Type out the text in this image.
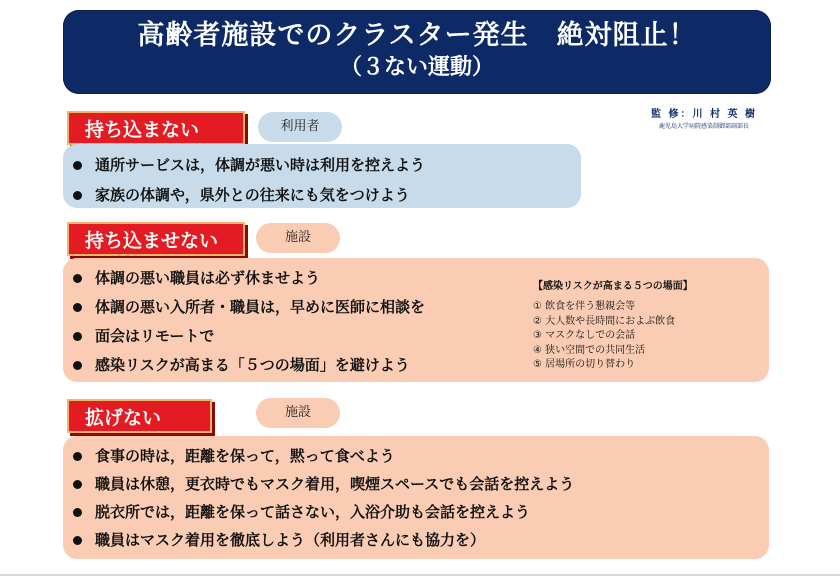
高齢者施設でのクラスター発生　絶対阻止！
（３ない運動）
監 修：川 村 英 樹
鹿児島大学病院感染制御部副部長
持ち込まない	利用者
通所サービスは，体調が悪い時は利用を控えよう
家族の体調や，県外との往来にも気をつけよう
持ち込ませない	施設
体調の悪い職員は必ず休ませよう
体調の悪い入所者・職員は，早めに医師に相談を
面会はリモートで
感染リスクが高まる「５つの場面」を避けよう
【感染リスクが高まる５つの場面】
① 飲食を伴う懇親会等
② 大人数や長時間におよぶ飲食
③ マスクなしでの会話
④ 狭い空間での共同生活
⑤ 居場所の切り替わり
拡げない	施設
食事の時は，距離を保って，黙って食べよう
職員は休憩，更衣時でもマスク着用，喫煙スペースでも会話を控えよう
脱衣所では，距離を保って話さない，入浴介助も会話を控えよう
職員はマスク着用を徹底しよう（利用者さんにも協力を）
